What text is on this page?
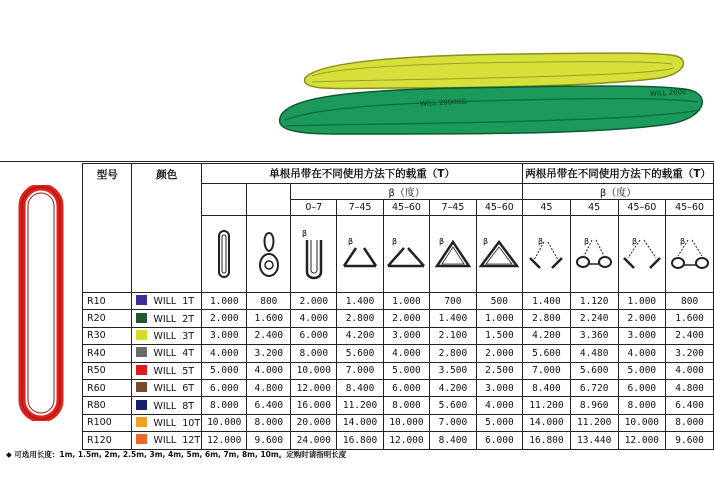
WILL 2000KG
WILL 2000
型号	颜色	单根吊带在不同使用方法下的载重（T）							两根吊带在不同使用方法下的载重（T）			
				β（度）					β（度）			
				0–7	7–45	45–60	7–45	45–60	45	45	45–60	45–60

β	β	β	β	β	β	β	β	β

R10	WILL  1T	1.000	800	2.000	1.400	1.000	700	500	1.400	1.120	1.000	800
R20	WILL  2T	2.000	1.600	4.000	2.800	2.000	1.400	1.000	2.800	2.240	2.000	1.600
R30	WILL  3T	3.000	2.400	6.000	4.200	3.000	2.100	1.500	4.200	3.360	3.000	2.400
R40	WILL  4T	4.000	3.200	8.000	5.600	4.000	2.800	2.000	5.600	4.480	4.000	3.200
R50	WILL  5T	5.000	4.000	10.000	7.000	5.000	3.500	2.500	7.000	5.600	5.000	4.000
R60	WILL  6T	6.000	4.800	12.000	8.400	6.000	4.200	3.000	8.400	6.720	6.000	4.800
R80	WILL  8T	8.000	6.400	16.000	11.200	8.000	5.600	4.000	11.200	8.960	8.000	6.400
R100	WILL  10T	10.000	8.000	20.000	14.000	10.000	7.000	5.000	14.000	11.200	10.000	8.000
R120	WILL  12T	12.000	9.600	24.000	16.800	12.000	8.400	6.000	16.800	13.440	12.000	9.600
◆ 可选用长度：1m, 1.5m, 2m, 2.5m, 3m, 4m, 5m, 6m, 7m, 8m, 10m。定购时请指明长度
